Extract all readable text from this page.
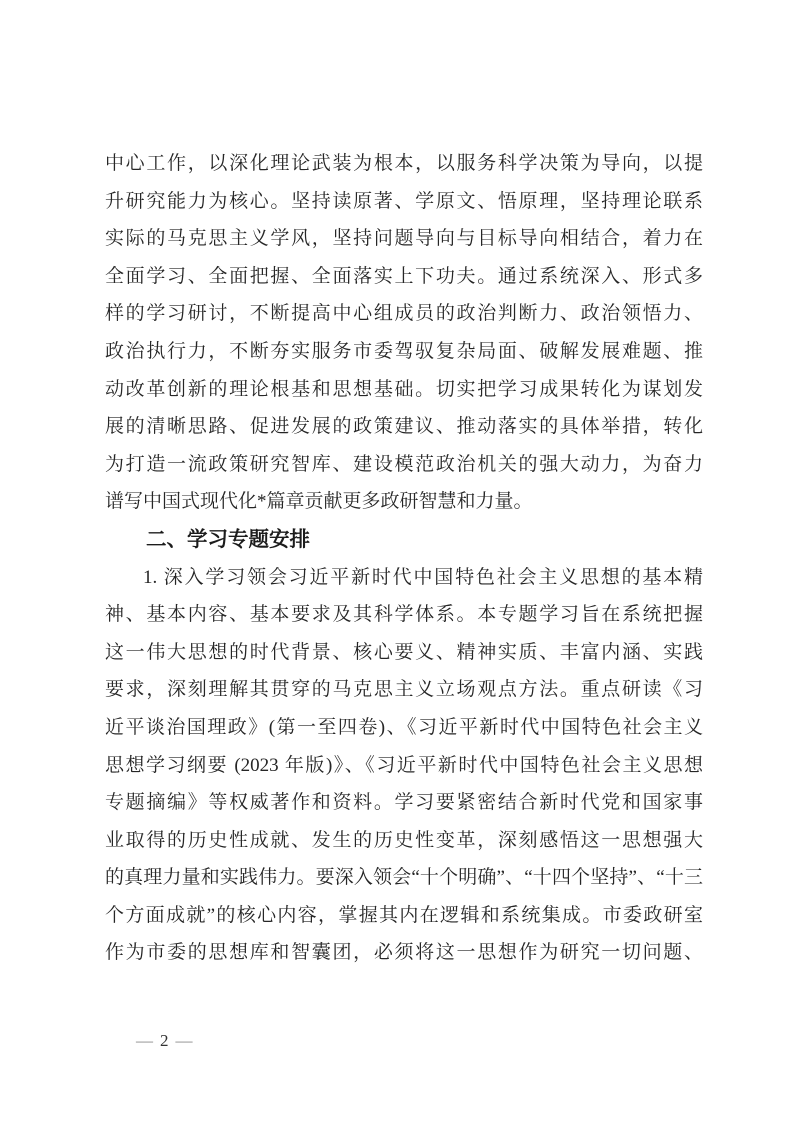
中心工作，以深化理论武装为根本，以服务科学决策为导向，以提
升研究能力为核心。坚持读原著、学原文、悟原理，坚持理论联系
实际的马克思主义学风，坚持问题导向与目标导向相结合，着力在
全面学习、全面把握、全面落实上下功夫。通过系统深入、形式多
样的学习研讨，不断提高中心组成员的政治判断力、政治领悟力、
政治执行力，不断夯实服务市委驾驭复杂局面、破解发展难题、推
动改革创新的理论根基和思想基础。切实把学习成果转化为谋划发
展的清晰思路、促进发展的政策建议、推动落实的具体举措，转化
为打造一流政策研究智库、建设模范政治机关的强大动力，为奋力
谱写中国式现代化*篇章贡献更多政研智慧和力量。
二、学习专题安排
1. 深入学习领会习近平新时代中国特色社会主义思想的基本精
神、基本内容、基本要求及其科学体系。本专题学习旨在系统把握
这一伟大思想的时代背景、核心要义、精神实质、丰富内涵、实践
要求，深刻理解其贯穿的马克思主义立场观点方法。重点研读《习
近平谈治国理政》(第一至四卷)、《习近平新时代中国特色社会主义
思想学习纲要 (2023 年版)》、《习近平新时代中国特色社会主义思想
专题摘编》等权威著作和资料。学习要紧密结合新时代党和国家事
业取得的历史性成就、发生的历史性变革，深刻感悟这一思想强大
的真理力量和实践伟力。要深入领会“十个明确”、“十四个坚持”、“十三
个方面成就”的核心内容，掌握其内在逻辑和系统集成。市委政研室
作为市委的思想库和智囊团，必须将这一思想作为研究一切问题、
— 2 —
